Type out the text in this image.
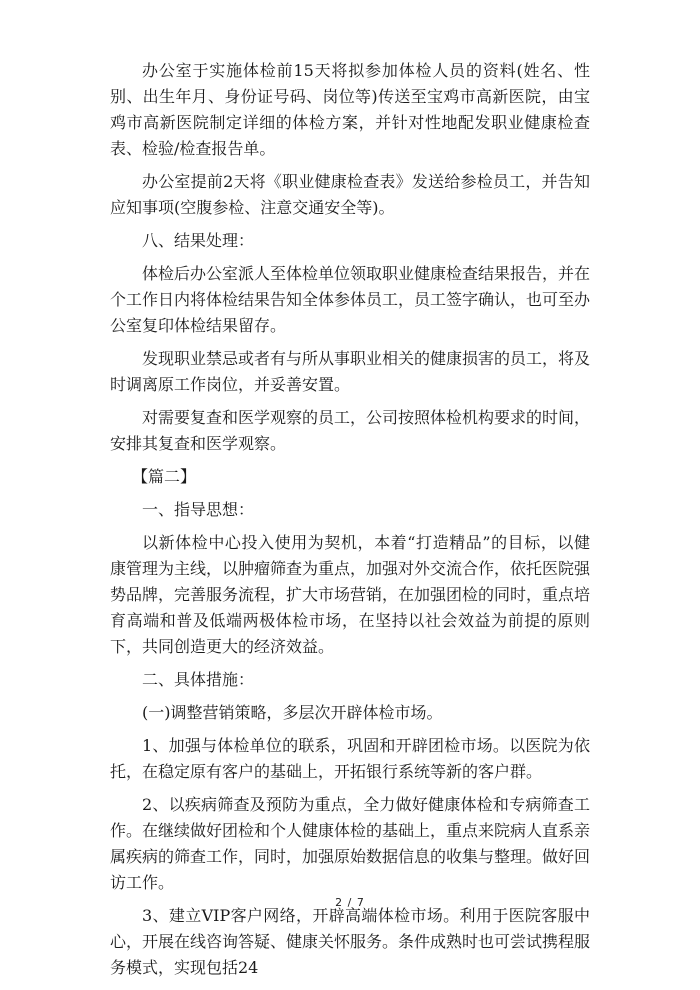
办公室于实施体检前15天将拟参加体检人员的资料(姓名、性别、出生年月、身份证号码、岗位等)传送至宝鸡市高新医院，由宝鸡市高新医院制定详细的体检方案，并针对性地配发职业健康检查表、检验/检查报告单。

办公室提前2天将《职业健康检查表》发送给参检员工，并告知应知事项(空腹参检、注意交通安全等)。

八、结果处理：

体检后办公室派人至体检单位领取职业健康检查结果报告，并在个工作日内将体检结果告知全体参体员工，员工签字确认，也可至办公室复印体检结果留存。

发现职业禁忌或者有与所从事职业相关的健康损害的员工，将及时调离原工作岗位，并妥善安置。

对需要复查和医学观察的员工，公司按照体检机构要求的时间，安排其复查和医学观察。

【篇二】

一、指导思想：

以新体检中心投入使用为契机，本着“打造精品”的目标，以健康管理为主线，以肿瘤筛查为重点，加强对外交流合作，依托医院强势品牌，完善服务流程，扩大市场营销，在加强团检的同时，重点培育高端和普及低端两极体检市场，在坚持以社会效益为前提的原则下，共同创造更大的经济效益。

二、具体措施：

(一)调整营销策略，多层次开辟体检市场。

1、加强与体检单位的联系，巩固和开辟团检市场。以医院为依托，在稳定原有客户的基础上，开拓银行系统等新的客户群。

2、以疾病筛查及预防为重点，全力做好健康体检和专病筛查工作。在继续做好团检和个人健康体检的基础上，重点来院病人直系亲属疾病的筛查工作，同时，加强原始数据信息的收集与整理。做好回访工作。

3、建立VIP客户网络，开辟高端体检市场。利用于医院客服中心，开展在线咨询答疑、健康关怀服务。条件成熟时也可尝试携程服务模式，实现包括24

2 / 7
